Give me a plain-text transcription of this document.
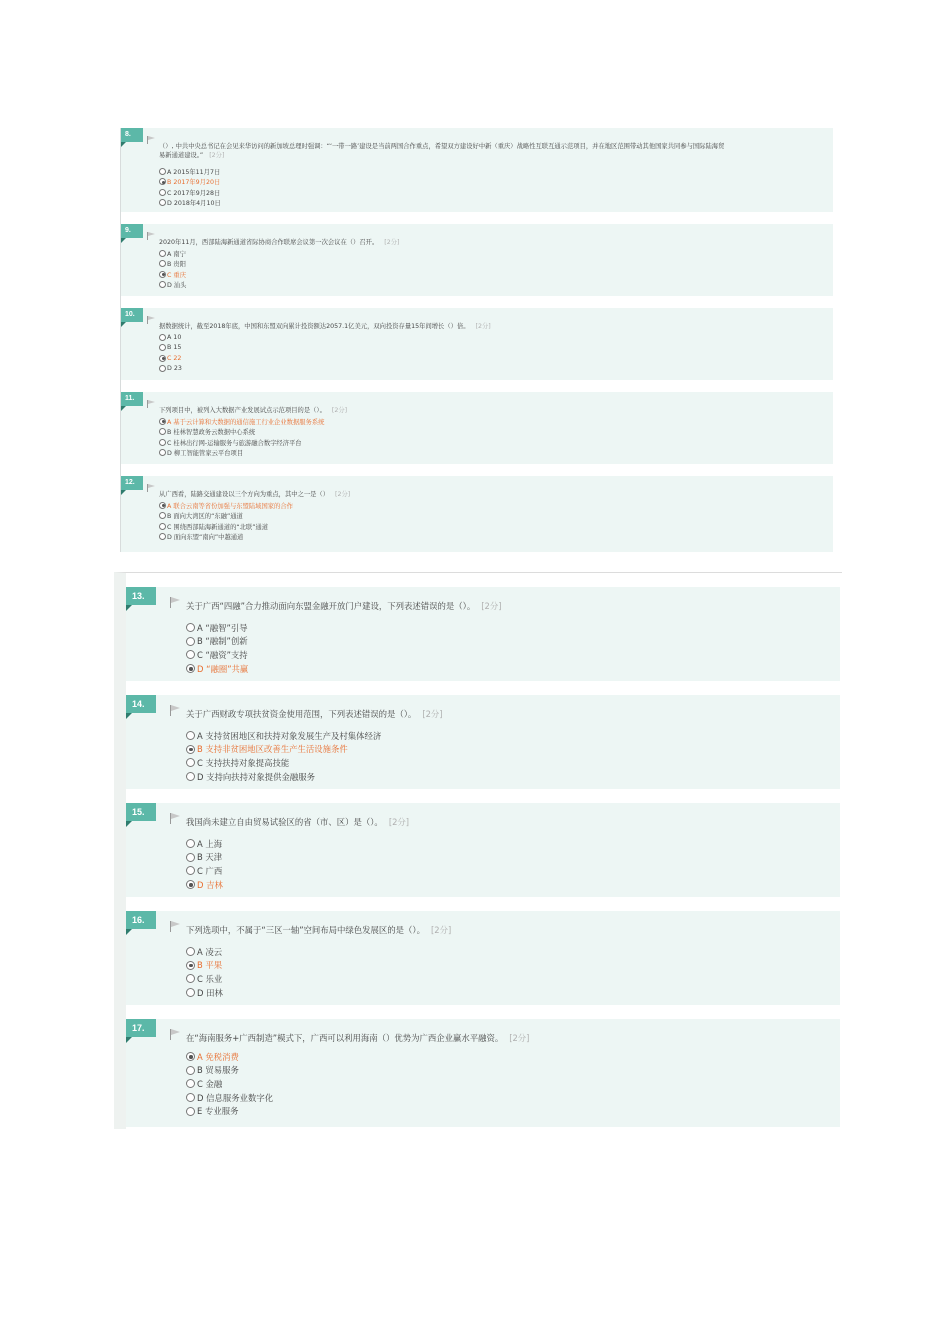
8.
（）, 中共中央总书记在会见来华访问的新加坡总理时强调：“‘一带一路’建设是当前两国合作重点，希望双方建设好中新（重庆）战略性互联互通示范项目，并在地区范围带动其他国家共同参与国际陆海贸
易新通道建设。” [2分]
A 2015年11月7日
B 2017年9月20日
C 2017年9月28日
D 2018年4月10日
9.
2020年11月，西部陆海新通道省际协商合作联席会议第一次会议在（）召开。 [2分]
A 南宁
B 贵阳
C 重庆
D 汕头
10.
据数据统计，截至2018年底，中国和东盟双向累计投资额达2057.1亿美元，双向投资存量15年间增长（）倍。 [2分]
A 10
B 15
C 22
D 23
11.
下列项目中，被列入大数据产业发展试点示范项目的是（）。 [2分]
A 基于云计算和大数据的通信施工行业企业数据服务系统
B 桂林智慧政务云数据中心系统
C 桂林出行网-运输服务与旅游融合数字经济平台
D 柳工智能管家云平台项目
12.
从广西看，陆路交通建设以三个方向为重点，其中之一是（） [2分]
A 联合云南等省份加强与东盟陆域国家的合作
B 面向大湾区的“东融”通道
C 围绕西部陆海新通道的“北联”通道
D 面向东盟“南向”中越通道
13.
关于广西“四融”合力推动面向东盟金融开放门户建设，下列表述错误的是（）。 [2分]
A “融智”引导
B “融制”创新
C “融资”支持
D “融圈”共赢
14.
关于广西财政专项扶贫资金使用范围，下列表述错误的是（）。 [2分]
A 支持贫困地区和扶持对象发展生产及村集体经济
B 支持非贫困地区改善生产生活设施条件
C 支持扶持对象提高技能
D 支持向扶持对象提供金融服务
15.
我国尚未建立自由贸易试验区的省（市、区）是（）。 [2分]
A 上海
B 天津
C 广西
D 吉林
16.
下列选项中，不属于“三区一轴”空间布局中绿色发展区的是（）。 [2分]
A 凌云
B 平果
C 乐业
D 田林
17.
在“海南服务+广西制造”模式下，广西可以利用海南（）优势为广西企业赢水平融资。 [2分]
A 免税消费
B 贸易服务
C 金融
D 信息服务业数字化
E 专业服务
